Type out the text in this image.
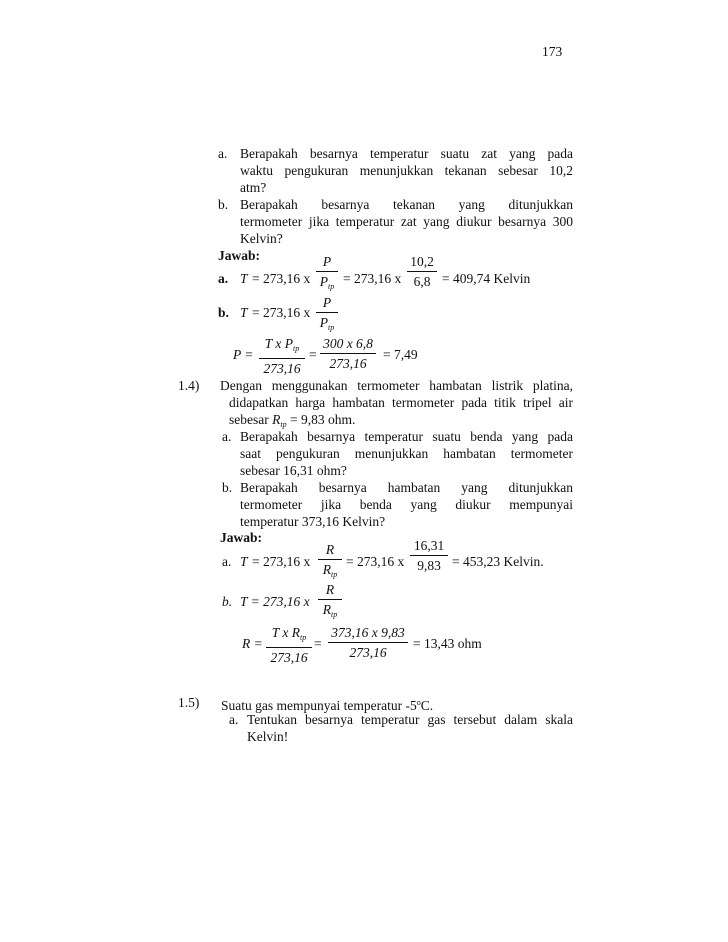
173
a. Berapakah besarnya temperatur suatu zat yang pada
waktu pengukuran menunjukkan tekanan sebesar 10,2
atm?
b. Berapakah besarnya tekanan yang ditunjukkan
termometer jika temperatur zat yang diukur besarnya 300
Kelvin?
Jawab:
a. T = 273,16 x
P
$P_{tp}$
= 273,16 x
10,2
6,8 = 409,74 Kelvin
b. T = 273,16 x
P
$P_{tp}$
P =
T x $P_{tp}$
273,16
=
300 x 6,8
273,16
= 7,49
1.4) Dengan menggunakan termometer hambatan listrik platina,
didapatkan harga hambatan termometer pada titik tripel air
sebesar $R_{tp} = 9,83$ ohm.
a. Berapakah besarnya temperatur suatu benda yang pada
saat pengukuran menunjukkan hambatan termometer
sebesar 16,31 ohm?
b. Berapakah besarnya hambatan yang ditunjukkan
termometer jika benda yang diukur mempunyai
temperatur 373,16 Kelvin?
Jawab:
a. T = 273,16 x
R
$R_{tp}$
= 273,16 x
16,31
9,83 = 453,23 Kelvin.
b. T = 273,16 x
R
$R_{tp}$
R =
T x $R_{tp}$
273,16
=
373,16 x 9,83
273,16
= 13,43 ohm
1.5) Suatu gas mempunyai temperatur -5$^o$C.
a. Tentukan besarnya temperatur gas tersebut dalam skala
Kelvin!
